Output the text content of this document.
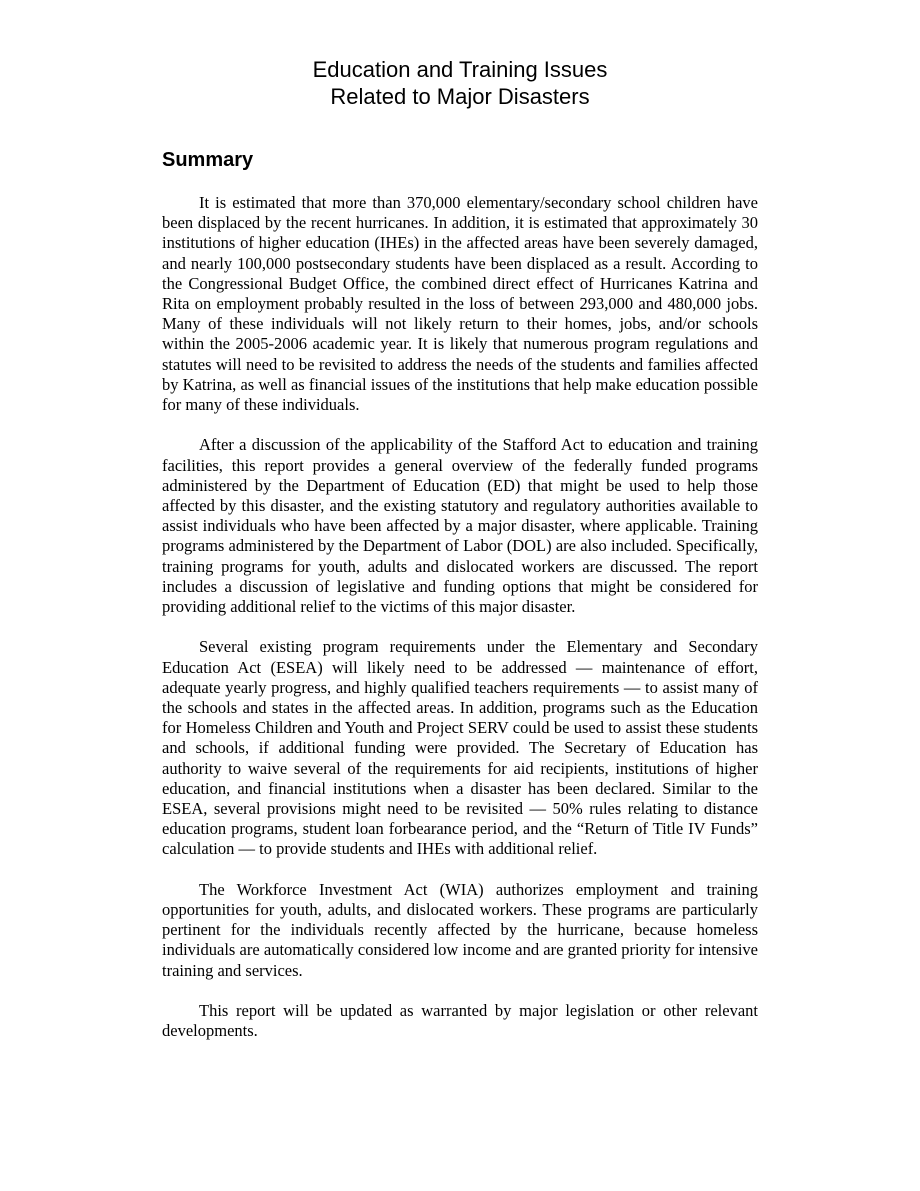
Education and Training Issues
Related to Major Disasters
Summary

It is estimated that more than 370,000 elementary/secondary school children have been displaced by the recent hurricanes. In addition, it is estimated that approximately 30 institutions of higher education (IHEs) in the affected areas have been severely damaged, and nearly 100,000 postsecondary students have been displaced as a result. According to the Congressional Budget Office, the combined direct effect of Hurricanes Katrina and Rita on employment probably resulted in the loss of between 293,000 and 480,000 jobs. Many of these individuals will not likely return to their homes, jobs, and/or schools within the 2005-2006 academic year. It is likely that numerous program regulations and statutes will need to be revisited to address the needs of the students and families affected by Katrina, as well as financial issues of the institutions that help make education possible for many of these individuals.

After a discussion of the applicability of the Stafford Act to education and training facilities, this report provides a general overview of the federally funded programs administered by the Department of Education (ED) that might be used to help those affected by this disaster, and the existing statutory and regulatory authorities available to assist individuals who have been affected by a major disaster, where applicable. Training programs administered by the Department of Labor (DOL) are also included. Specifically, training programs for youth, adults and dislocated workers are discussed. The report includes a discussion of legislative and funding options that might be considered for providing additional relief to the victims of this major disaster.

Several existing program requirements under the Elementary and Secondary Education Act (ESEA) will likely need to be addressed — maintenance of effort, adequate yearly progress, and highly qualified teachers requirements — to assist many of the schools and states in the affected areas. In addition, programs such as the Education for Homeless Children and Youth and Project SERV could be used to assist these students and schools, if additional funding were provided. The Secretary of Education has authority to waive several of the requirements for aid recipients, institutions of higher education, and financial institutions when a disaster has been declared. Similar to the ESEA, several provisions might need to be revisited — 50% rules relating to distance education programs, student loan forbearance period, and the “Return of Title IV Funds” calculation — to provide students and IHEs with additional relief.

The Workforce Investment Act (WIA) authorizes employment and training opportunities for youth, adults, and dislocated workers. These programs are particularly pertinent for the individuals recently affected by the hurricane, because homeless individuals are automatically considered low income and are granted priority for intensive training and services.

This report will be updated as warranted by major legislation or other relevant developments.
